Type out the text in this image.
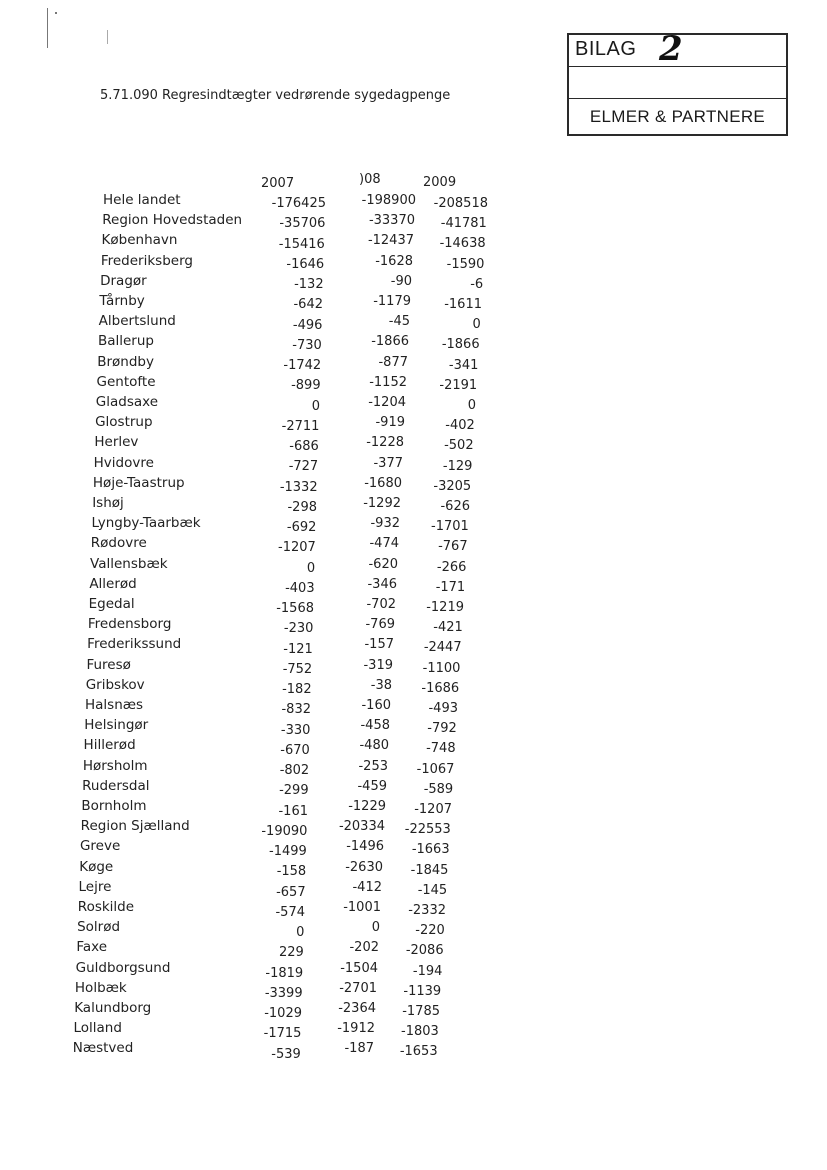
BILAG 2
ELMER & PARTNERE
5.71.090 Regresindtægter vedrørende sygedagpenge
2007	)08	2009
Hele landet	-176425	-198900 -208518
Region Hovedstaden	-35706	-33370 -41781
København	-15416	-12437 -14638
Frederiksberg	-1646	-1628	-1590
Dragør	-132	-90	-6
Tårnby	-642	-1179	-1611
Albertslund	-496	-45	0
Ballerup	-730	-1866	-1866
Brøndby	-1742	-877	-341
Gentofte	-899	-1152 -2191
Gladsaxe	0	-1204	0
Glostrup	-2711	-919	-402
Herlev	-686	-1228	-502
Hvidovre	-727	-377	-129
Høje-Taastrup	-1332	-1680 -3205
Ishøj	-298	-1292	-626
Lyngby-Taarbæk	-692	-932 -1701
Rødovre	-1207	-474	-767
Vallensbæk	0	-620	-266
Allerød	-403	-346	-171
Egedal	-1568	-702 -1219
Fredensborg	-230	-769	-421
Frederikssund	-121	-157 -2447
Furesø	-752	-319 -1100
Gribskov	-182	-38 -1686
Halsnæs	-832	-160	-493
Helsingør	-330	-458	-792
Hillerød	-670	-480	-748
Hørsholm	-802	-253 -1067
Rudersdal	-299	-459	-589
Bornholm	-161	-1229 -1207
Region Sjælland	-19090 -20334 -22553
Greve	-1499	-1496 -1663
Køge	-158	-2630 -1845
Lejre	-657	-412	-145
Roskilde	-574	-1001 -2332
Solrød	0	0	-220
Faxe	229	-202 -2086
Guldborgsund	-1819	-1504	-194
Holbæk	-3399	-2701 -1139
Kalundborg	-1029	-2364 -1785
Lolland	-1715	-1912 -1803
Næstved	-539	-187 -1653
